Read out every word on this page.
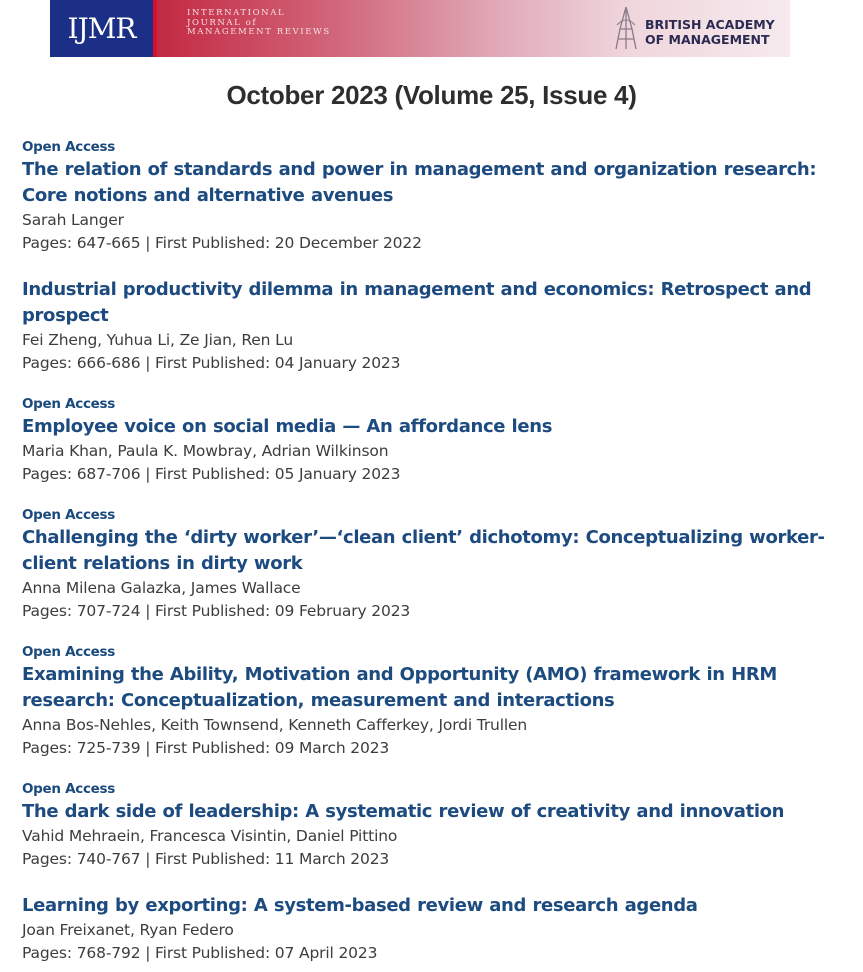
IJMR	INTERNATIONAL
JOURNAL of
MANAGEMENT REVIEWS	BRITISH ACADEMY
OF MANAGEMENT
October 2023 (Volume 25, Issue 4)
Open Access
The relation of standards and power in management and organization research: Core notions and alternative avenues
Sarah Langer
Pages: 647-665 | First Published: 20 December 2022
Industrial productivity dilemma in management and economics: Retrospect and prospect
Fei Zheng, Yuhua Li, Ze Jian, Ren Lu
Pages: 666-686 | First Published: 04 January 2023
Open Access
Employee voice on social media — An affordance lens
Maria Khan, Paula K. Mowbray, Adrian Wilkinson
Pages: 687-706 | First Published: 05 January 2023
Open Access
Challenging the ‘dirty worker’—‘clean client’ dichotomy: Conceptualizing worker-client relations in dirty work
Anna Milena Galazka, James Wallace
Pages: 707-724 | First Published: 09 February 2023
Open Access
Examining the Ability, Motivation and Opportunity (AMO) framework in HRM research: Conceptualization, measurement and interactions
Anna Bos-Nehles, Keith Townsend, Kenneth Cafferkey, Jordi Trullen
Pages: 725-739 | First Published: 09 March 2023
Open Access
The dark side of leadership: A systematic review of creativity and innovation
Vahid Mehraein, Francesca Visintin, Daniel Pittino
Pages: 740-767 | First Published: 11 March 2023
Learning by exporting: A system-based review and research agenda
Joan Freixanet, Ryan Federo
Pages: 768-792 | First Published: 07 April 2023
